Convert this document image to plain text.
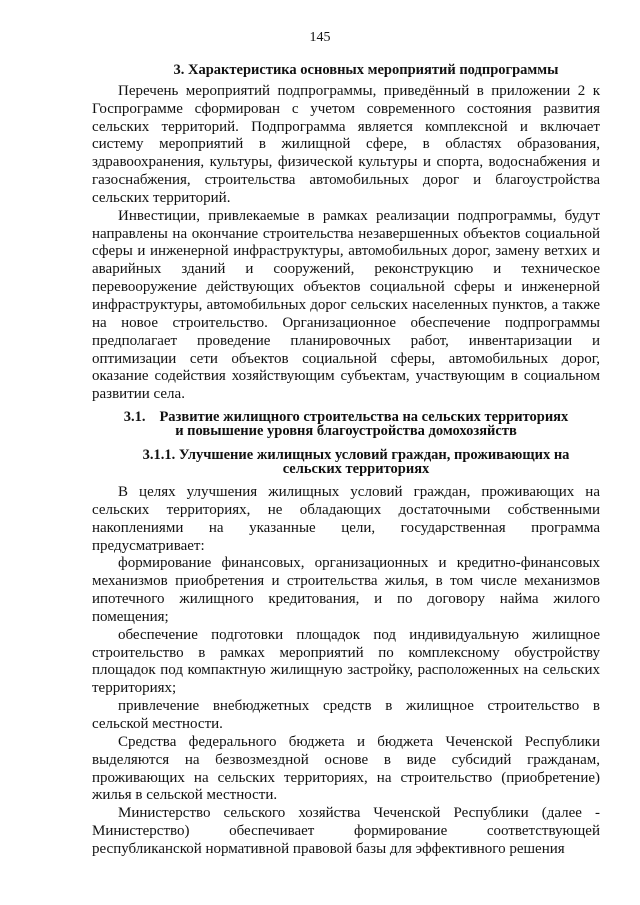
145
3. Характеристика основных мероприятий подпрограммы

Перечень мероприятий подпрограммы, приведённый в приложении 2 к Госпрограмме сформирован с учетом современного состояния развития сельских территорий. Подпрограмма является комплексной и включает систему мероприятий в жилищной сфере, в областях образования, здравоохранения, культуры, физической культуры и спорта, водоснабжения и газоснабжения, строительства автомобильных дорог и благоустройства сельских территорий.

Инвестиции, привлекаемые в рамках реализации подпрограммы, будут направлены на окончание строительства незавершенных объектов социальной сферы и инженерной инфраструктуры, автомобильных дорог, замену ветхих и аварийных зданий и сооружений, реконструкцию и техническое перевооружение действующих объектов социальной сферы и инженерной инфраструктуры, автомобильных дорог сельских населенных пунктов, а также на новое строительство. Организационное обеспечение подпрограммы предполагает проведение планировочных работ, инвентаризации и оптимизации сети объектов социальной сферы, автомобильных дорог, оказание содействия хозяйствующим субъектам, участвующим в социальном развитии села.

3.1. Развитие жилищного строительства на сельских территориях
и повышение уровня благоустройства домохозяйств
3.1.1. Улучшение жилищных условий граждан, проживающих на
сельских территориях

В целях улучшения жилищных условий граждан, проживающих на сельских территориях, не обладающих достаточными собственными накоплениями на указанные цели, государственная программа предусматривает:

формирование финансовых, организационных и кредитно-финансовых механизмов приобретения и строительства жилья, в том числе механизмов ипотечного жилищного кредитования, и по договору найма жилого помещения;

обеспечение подготовки площадок под индивидуальную жилищное строительство в рамках мероприятий по комплексному обустройству площадок под компактную жилищную застройку, расположенных на сельских территориях;

привлечение внебюджетных средств в жилищное строительство в сельской местности.

Средства федерального бюджета и бюджета Чеченской Республики выделяются на безвозмездной основе в виде субсидий гражданам, проживающих на сельских территориях, на строительство (приобретение) жилья в сельской местности.

Министерство сельского хозяйства Чеченской Республики (далее - Министерство) обеспечивает формирование соответствующей республиканской нормативной правовой базы для эффективного решения
